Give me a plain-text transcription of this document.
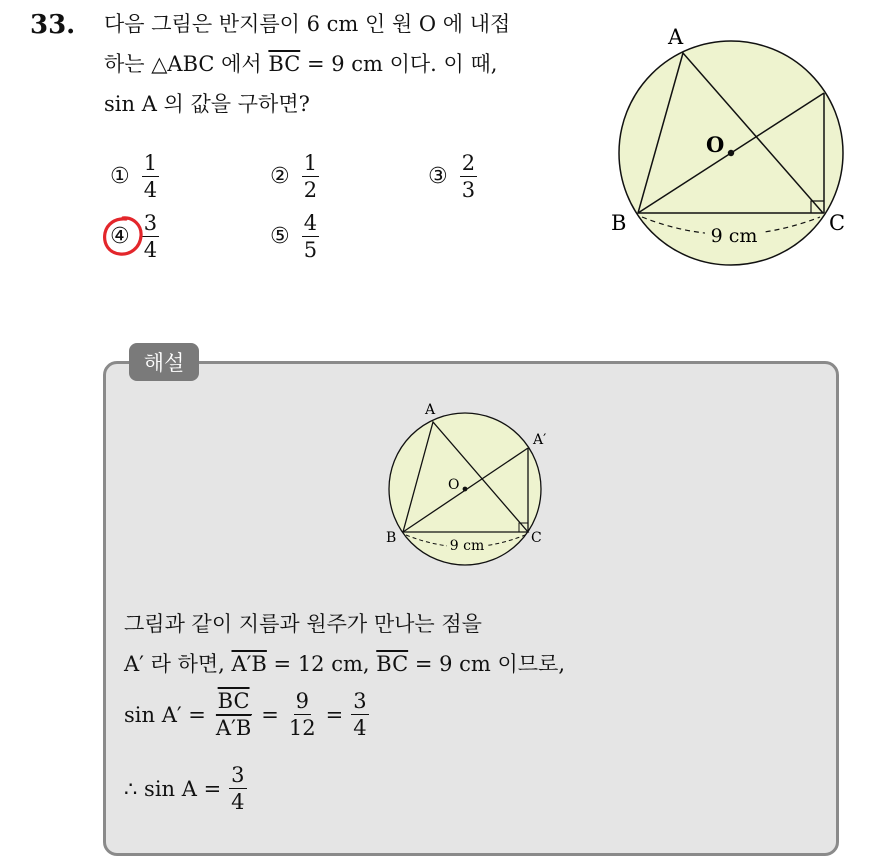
33. 다음 그림은 반지름이 6 cm 인 원 O 에 내접
하는 △ABC 에서 $\overline{BC} = 9$ cm 이다. 이 때,
sin A 의 값을 구하면?
① $\frac{1}{4}$	② $\frac{1}{2}$	③ $\frac{2}{3}$
④ $\frac{3}{4}$	⑤ $\frac{4}{5}$	9 cm
A
O
B	C
해설
9 cm
A
A′
O
B	C
그림과 같이 지름과 원주가 만나는 점을
A′ 라 하면, A′B = 12 cm, $\overline{BC} = 9$ cm 이므로,
$\sin A' = \frac{\overline{BC}}{A'B} = \frac{9}{12} = \frac{3}{4}$
∴ $\sin A = \frac{3}{4}$
